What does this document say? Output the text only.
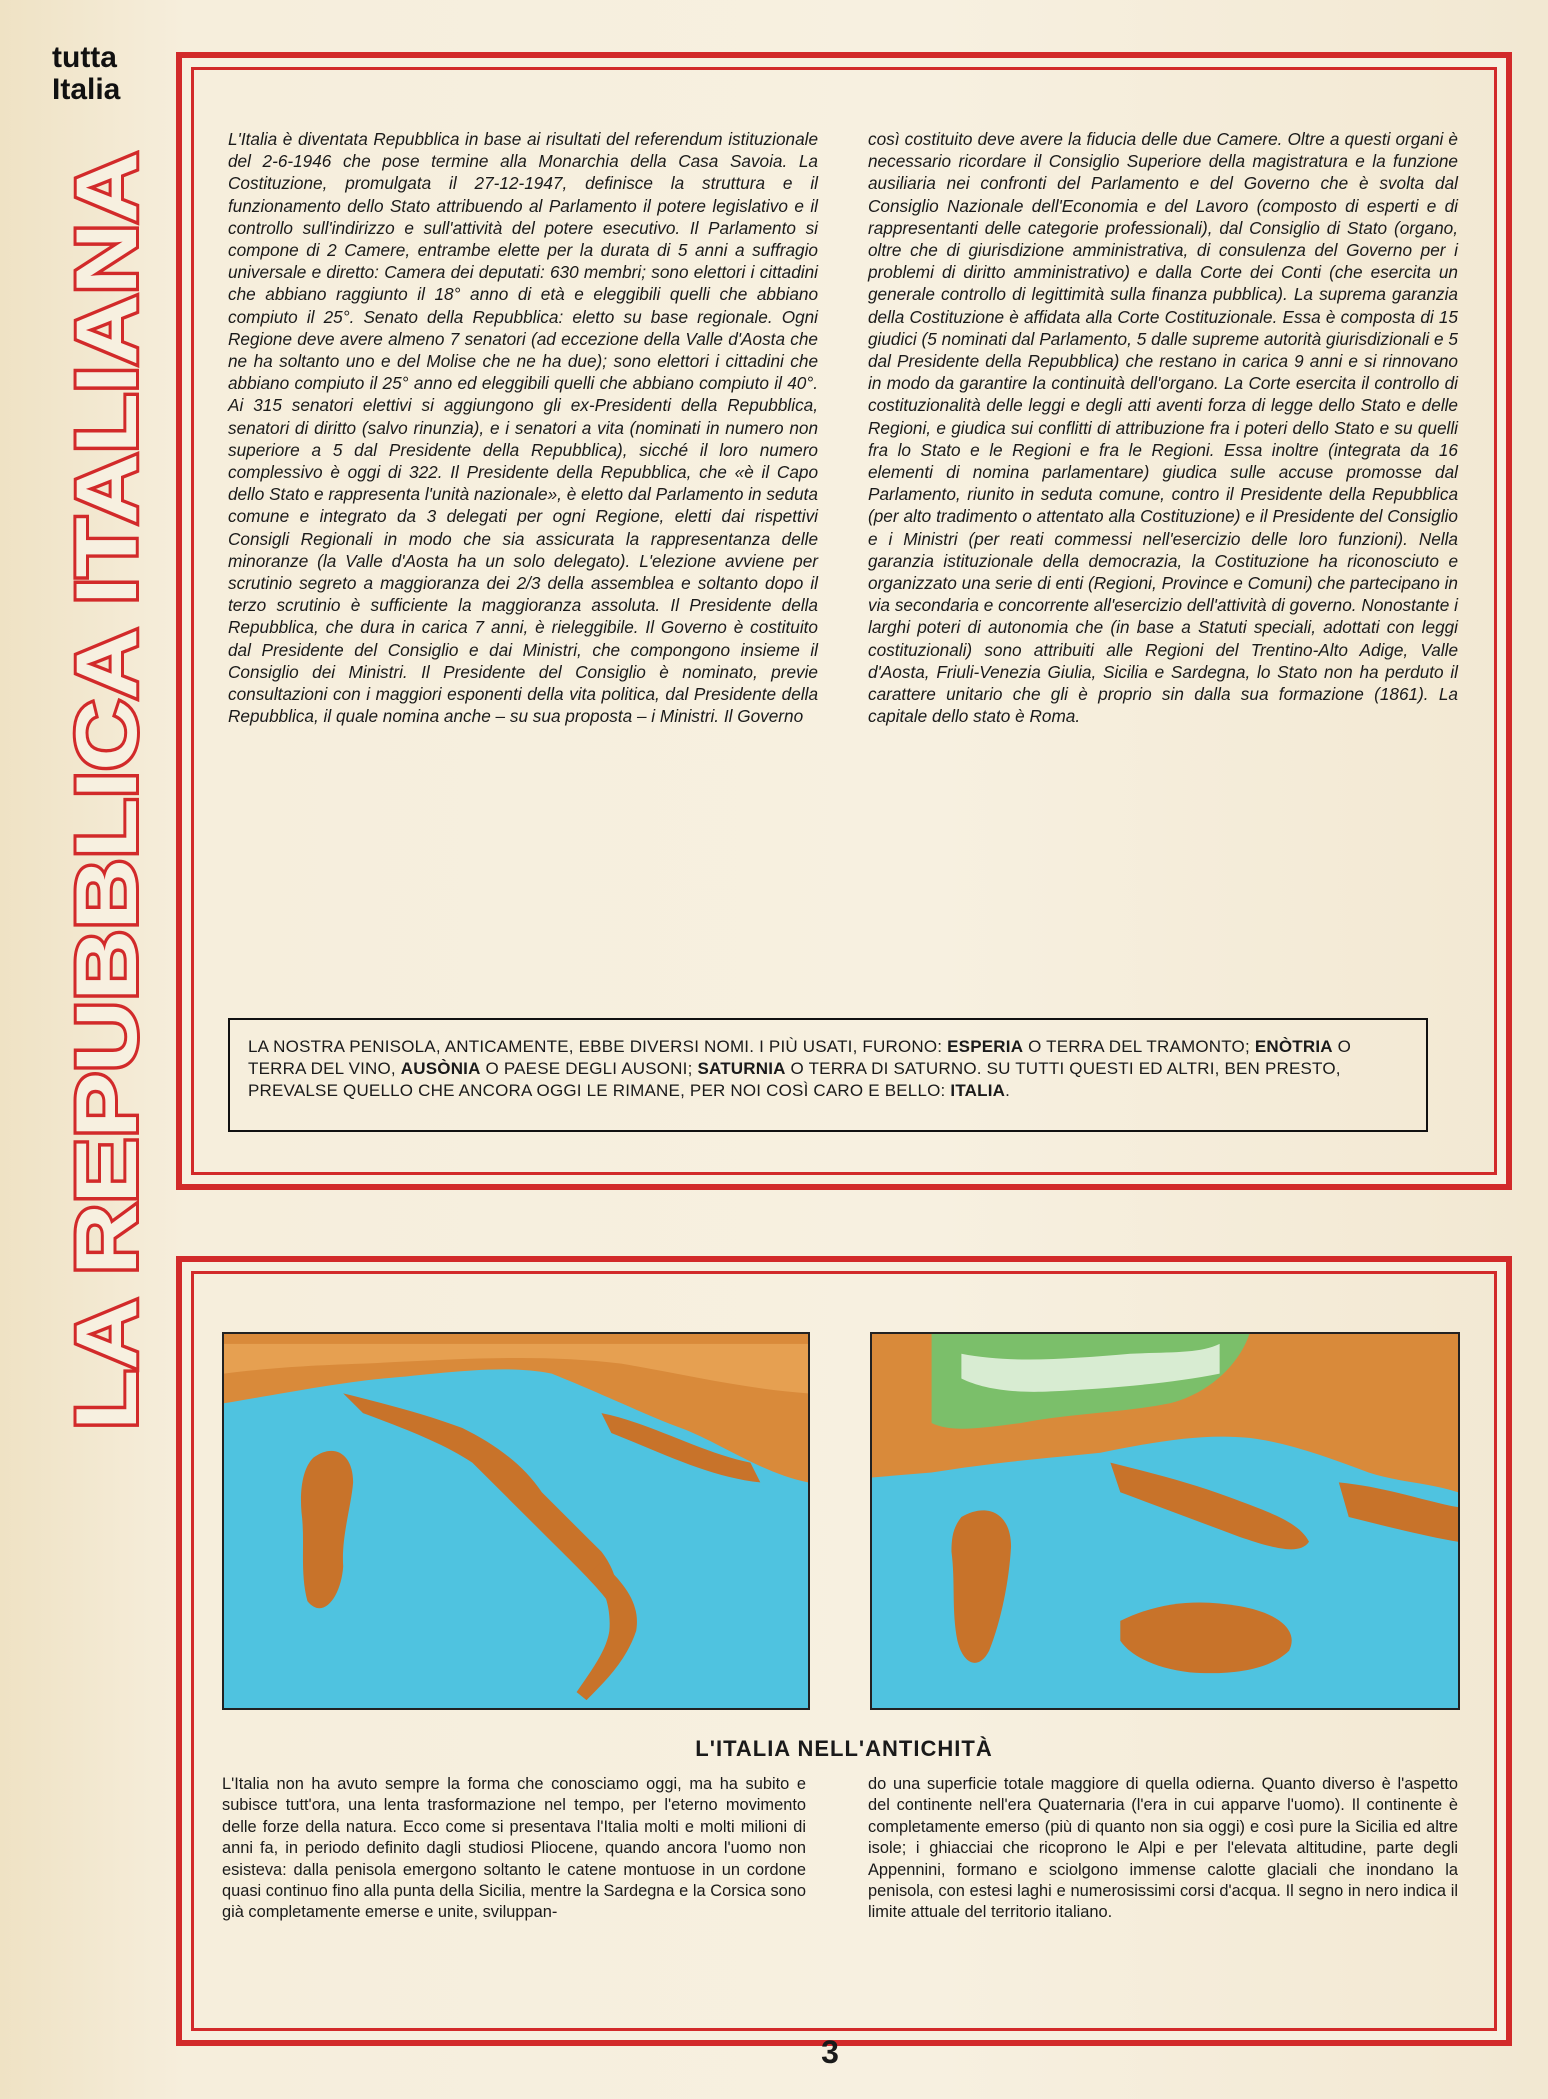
tutta
Italia
LA REPUBBLICA ITALIANA

L'Italia è diventata Repubblica in base ai risultati del referendum istituzionale del 2-6-1946 che pose termine alla Monarchia della Casa Savoia. La Costituzione, promulgata il 27-12-1947, definisce la struttura e il funzionamento dello Stato attribuendo al Parlamento il potere legislativo e il controllo sull'indirizzo e sull'attività del potere esecutivo. Il Parlamento si compone di 2 Camere, entrambe elette per la durata di 5 anni a suffragio universale e diretto: Camera dei deputati: 630 membri; sono elettori i cittadini che abbiano raggiunto il 18° anno di età e eleggibili quelli che abbiano compiuto il 25°. Senato della Repubblica: eletto su base regionale. Ogni Regione deve avere almeno 7 senatori (ad eccezione della Valle d'Aosta che ne ha soltanto uno e del Molise che ne ha due); sono elettori i cittadini che abbiano compiuto il 25° anno ed eleggibili quelli che abbiano compiuto il 40°. Ai 315 senatori elettivi si aggiungono gli ex-Presidenti della Repubblica, senatori di diritto (salvo rinunzia), e i senatori a vita (nominati in numero non superiore a 5 dal Presidente della Repubblica), sicché il loro numero complessivo è oggi di 322. Il Presidente della Repubblica, che «è il Capo dello Stato e rappresenta l'unità nazionale», è eletto dal Parlamento in seduta comune e integrato da 3 delegati per ogni Regione, eletti dai rispettivi Consigli Regionali in modo che sia assicurata la rappresentanza delle minoranze (la Valle d'Aosta ha un solo delegato). L'elezione avviene per scrutinio segreto a maggioranza dei 2/3 della assemblea e soltanto dopo il terzo scrutinio è sufficiente la maggioranza assoluta. Il Presidente della Repubblica, che dura in carica 7 anni, è rieleggibile. Il Governo è costituito dal Presidente del Consiglio e dai Ministri, che compongono insieme il Consiglio dei Ministri. Il Presidente del Consiglio è nominato, previe consultazioni con i maggiori esponenti della vita politica, dal Presidente della Repubblica, il quale nomina anche – su sua proposta – i Ministri. Il Governo

così costituito deve avere la fiducia delle due Camere. Oltre a questi organi è necessario ricordare il Consiglio Superiore della magistratura e la funzione ausiliaria nei confronti del Parlamento e del Governo che è svolta dal Consiglio Nazionale dell'Economia e del Lavoro (composto di esperti e di rappresentanti delle categorie professionali), dal Consiglio di Stato (organo, oltre che di giurisdizione amministrativa, di consulenza del Governo per i problemi di diritto amministrativo) e dalla Corte dei Conti (che esercita un generale controllo di legittimità sulla finanza pubblica). La suprema garanzia della Costituzione è affidata alla Corte Costituzionale. Essa è composta di 15 giudici (5 nominati dal Parlamento, 5 dalle supreme autorità giurisdizionali e 5 dal Presidente della Repubblica) che restano in carica 9 anni e si rinnovano in modo da garantire la continuità dell'organo. La Corte esercita il controllo di costituzionalità delle leggi e degli atti aventi forza di legge dello Stato e delle Regioni, e giudica sui conflitti di attribuzione fra i poteri dello Stato e su quelli fra lo Stato e le Regioni e fra le Regioni. Essa inoltre (integrata da 16 elementi di nomina parlamentare) giudica sulle accuse promosse dal Parlamento, riunito in seduta comune, contro il Presidente della Repubblica (per alto tradimento o attentato alla Costituzione) e il Presidente del Consiglio e i Ministri (per reati commessi nell'esercizio delle loro funzioni). Nella garanzia istituzionale della democrazia, la Costituzione ha riconosciuto e organizzato una serie di enti (Regioni, Province e Comuni) che partecipano in via secondaria e concorrente all'esercizio dell'attività di governo. Nonostante i larghi poteri di autonomia che (in base a Statuti speciali, adottati con leggi costituzionali) sono attribuiti alle Regioni del Trentino-Alto Adige, Valle d'Aosta, Friuli-Venezia Giulia, Sicilia e Sardegna, lo Stato non ha perduto il carattere unitario che gli è proprio sin dalla sua formazione (1861). La capitale dello stato è Roma.

LA NOSTRA PENISOLA, ANTICAMENTE, EBBE DIVERSI NOMI. I PIÙ USATI, FURONO: ESPERIA O TERRA DEL TRAMONTO; ENÒTRIA O TERRA DEL VINO, AUSÒNIA O PAESE DEGLI AUSONI; SATURNIA O TERRA DI SATURNO. SU TUTTI QUESTI ED ALTRI, BEN PRESTO, PREVALSE QUELLO CHE ANCORA OGGI LE RIMANE, PER NOI COSÌ CARO E BELLO: ITALIA.
L'ITALIA NELL'ANTICHITÀ

L'Italia non ha avuto sempre la forma che conosciamo oggi, ma ha subito e subisce tutt'ora, una lenta trasformazione nel tempo, per l'eterno movimento delle forze della natura. Ecco come si presentava l'Italia molti e molti milioni di anni fa, in periodo definito dagli studiosi Pliocene, quando ancora l'uomo non esisteva: dalla penisola emergono soltanto le catene montuose in un cordone quasi continuo fino alla punta della Sicilia, mentre la Sardegna e la Corsica sono già completamente emerse e unite, sviluppan-

do una superficie totale maggiore di quella odierna. Quanto diverso è l'aspetto del continente nell'era Quaternaria (l'era in cui apparve l'uomo). Il continente è completamente emerso (più di quanto non sia oggi) e così pure la Sicilia ed altre isole; i ghiacciai che ricoprono le Alpi e per l'elevata altitudine, parte degli Appennini, formano e sciolgono immense calotte glaciali che inondano la penisola, con estesi laghi e numerosissimi corsi d'acqua. Il segno in nero indica il limite attuale del territorio italiano.

3
